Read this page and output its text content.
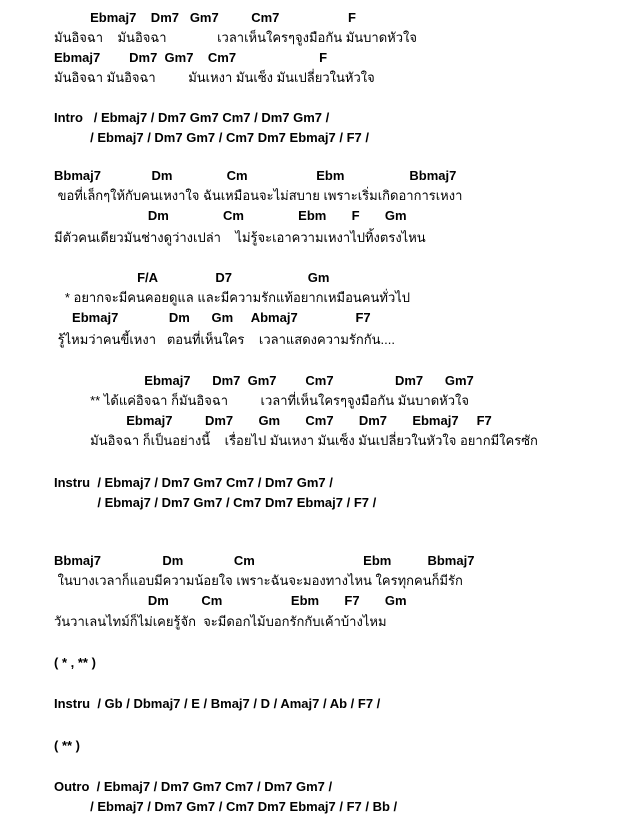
Ebmaj7    Dm7   Gm7         Cm7                   F
มันอิจฉา    มันอิจฉา              เวลาเห็นใครๆจูงมือกัน มันบาดหัวใจ
Ebmaj7        Dm7  Gm7    Cm7                       F
มันอิจฉา มันอิจฉา         มันเหงา มันเซ็ง มันเปลี่ยวในหัวใจ
Intro   / Ebmaj7 / Dm7 Gm7 Cm7 / Dm7 Gm7 /
/ Ebmaj7 / Dm7 Gm7 / Cm7 Dm7 Ebmaj7 / F7 /
Bbmaj7              Dm               Cm                   Ebm                  Bbmaj7
ขอที่เล็กๆให้กับคนเหงาใจ ฉันเหมือนจะไม่สบาย เพราะเริ่มเกิดอาการเหงา
Dm               Cm               Ebm       F       Gm
มีตัวคนเดียวมันช่างดูว่างเปล่า    ไม่รู้จะเอาความเหงาไปทิ้งตรงไหน
F/A                D7                     Gm
* อยากจะมีคนคอยดูแล และมีความรักแท้อยากเหมือนคนทั่วไป
Ebmaj7              Dm      Gm     Abmaj7                F7
รู้ไหมว่าคนขี้เหงา   ตอนที่เห็นใคร    เวลาแสดงความรักกัน....
Ebmaj7      Dm7  Gm7        Cm7                 Dm7      Gm7
** ได้แค่อิจฉา ก็มันอิจฉา         เวลาที่เห็นใครๆจูงมือกัน มันบาดหัวใจ
Ebmaj7         Dm7       Gm       Cm7       Dm7       Ebmaj7     F7
มันอิจฉา ก็เป็นอย่างนี้    เรื่อยไป มันเหงา มันเซ็ง มันเปลี่ยวในหัวใจ อยากมีใครซัก
Instru  / Ebmaj7 / Dm7 Gm7 Cm7 / Dm7 Gm7 /
/ Ebmaj7 / Dm7 Gm7 / Cm7 Dm7 Ebmaj7 / F7 /
Bbmaj7                 Dm              Cm                              Ebm          Bbmaj7
ในบางเวลาก็แอบมีความน้อยใจ เพราะฉันจะมองทางไหน ใครทุกคนก็มีรัก
Dm         Cm                   Ebm       F7       Gm
วันวาเลนไทม์ก็ไม่เคยรู้จัก  จะมีดอกไม้บอกรักกับเค้าบ้างไหม
( * , ** )
Instru  / Gb / Dbmaj7 / E / Bmaj7 / D / Amaj7 / Ab / F7 /
( ** )
Outro  / Ebmaj7 / Dm7 Gm7 Cm7 / Dm7 Gm7 /
/ Ebmaj7 / Dm7 Gm7 / Cm7 Dm7 Ebmaj7 / F7 / Bb /
